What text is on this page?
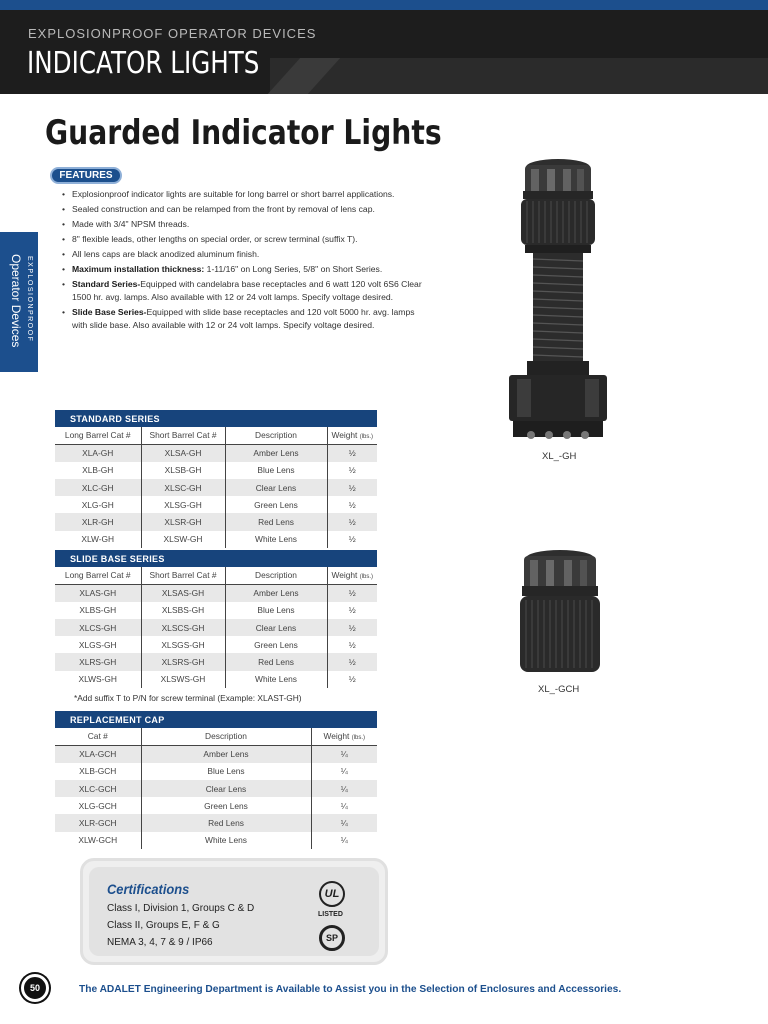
EXPLOSIONPROOF OPERATOR DEVICES
INDICATOR LIGHTS
EXPLOSIONPROOF
Operator Devices
Guarded Indicator Lights
FEATURES
• Explosionproof indicator lights are suitable for long barrel or short barrel applications.
• Sealed construction and can be relamped from the front by removal of lens cap.
• Made with 3/4" NPSM threads.
• 8" flexible leads, other lengths on special order, or screw terminal (suffix T).
• All lens caps are black anodized aluminum finish.
• Maximum installation thickness: 1-11/16" on Long Series, 5/8" on Short Series.
• Standard Series-Equipped with candelabra base receptacles and 6 watt 120 volt 6S6 Clear 1500 hr. avg. lamps. Also available with 12 or 24 volt lamps. Specify voltage desired.
• Slide Base Series-Equipped with slide base receptacles and 120 volt 5000 hr. avg. lamps with slide base. Also available with 12 or 24 volt lamps. Specify voltage desired.
STANDARD SERIES			
Long Barrel Cat #	Short Barrel Cat #	Description	Weight (lbs.)
XLA-GH	XLSA-GH	Amber Lens	½
XLB-GH	XLSB-GH	Blue Lens	½
XLC-GH	XLSC-GH	Clear Lens	½
XLG-GH	XLSG-GH	Green Lens	½
XLR-GH	XLSR-GH	Red Lens	½
XLW-GH	XLSW-GH	White Lens	½
SLIDE BASE SERIES			
Long Barrel Cat #	Short Barrel Cat #	Description	Weight (lbs.)
XLAS-GH	XLSAS-GH	Amber Lens	½
XLBS-GH	XLSBS-GH	Blue Lens	½
XLCS-GH	XLSCS-GH	Clear Lens	½
XLGS-GH	XLSGS-GH	Green Lens	½
XLRS-GH	XLSRS-GH	Red Lens	½
XLWS-GH	XLSWS-GH	White Lens	½
*Add suffix T to P/N for screw terminal (Example: XLAST-GH)
REPLACEMENT CAP		
Cat #	Description	Weight (lbs.)
XLA-GCH	Amber Lens	¼
XLB-GCH	Blue Lens	¼
XLC-GCH	Clear Lens	¼
XLG-GCH	Green Lens	¼
XLR-GCH	Red Lens	¼
XLW-GCH	White Lens	¼
XL_-GH
XL_-GCH
Certifications
Class I, Division 1, Groups C & D
Class II, Groups E, F & G
NEMA 3, 4, 7 & 9 / IP66
UL
LISTED
SP
50	The ADALET Engineering Department is Available to Assist you in the Selection of Enclosures and Accessories.
